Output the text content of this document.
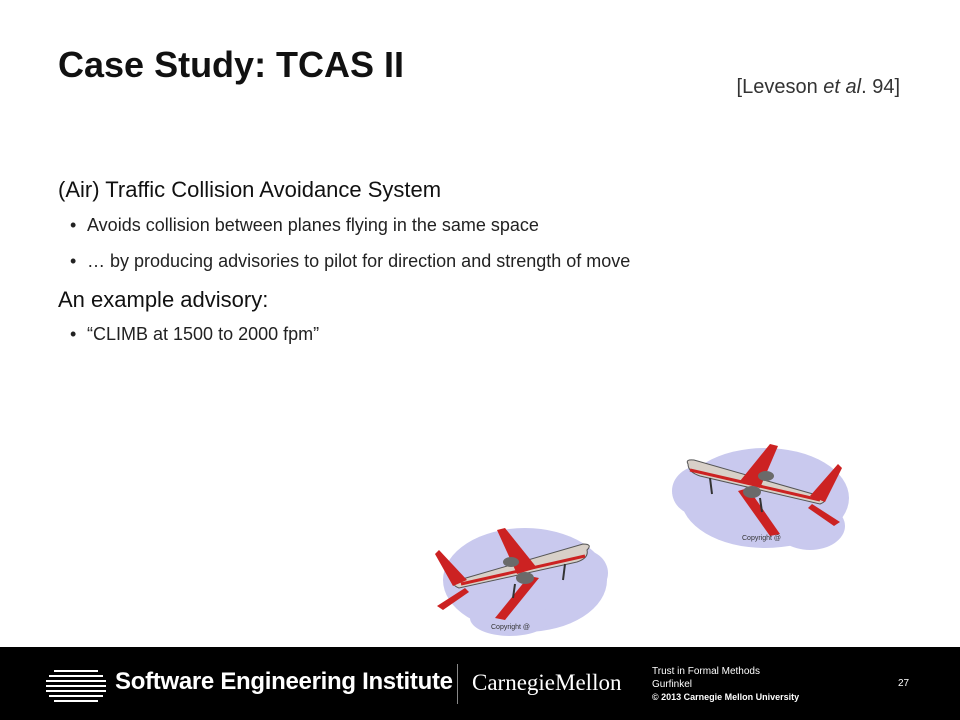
Case Study: TCAS II
[Leveson et al. 94]
(Air) Traffic Collision Avoidance System
• Avoids collision between planes flying in the same space
• … by producing advisories to pilot for direction and strength of move
An example advisory:
• “CLIMB at 1500 to 2000 fpm”
Copyright @
Copyright @
Software Engineering Institute CarnegieMellon	Trust in Formal Methods
Gurfinkel
© 2013 Carnegie Mellon University
27
